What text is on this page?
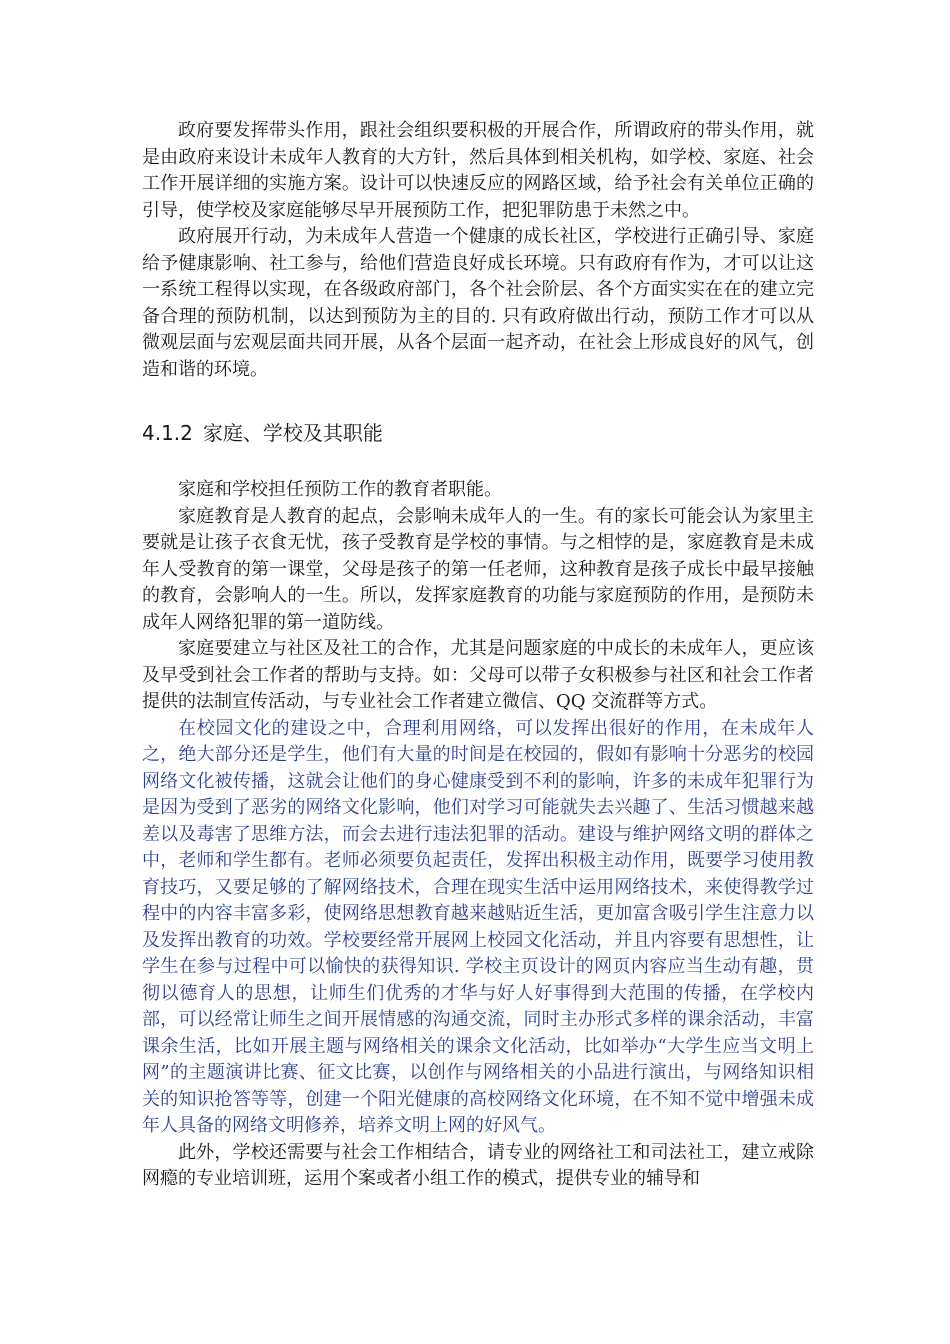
政府要发挥带头作用，跟社会组织要积极的开展合作，所谓政府的带头作用，就是由政府来设计未成年人教育的大方针，然后具体到相关机构，如学校、家庭、社会工作开展详细的实施方案。设计可以快速反应的网路区域，给予社会有关单位正确的引导，使学校及家庭能够尽早开展预防工作，把犯罪防患于未然之中。

政府展开行动，为未成年人营造一个健康的成长社区，学校进行正确引导、家庭给予健康影响、社工参与，给他们营造良好成长环境。只有政府有作为，才可以让这一系统工程得以实现，在各级政府部门，各个社会阶层、各个方面实实在在的建立完备合理的预防机制，以达到预防为主的目的. 只有政府做出行动，预防工作才可以从微观层面与宏观层面共同开展，从各个层面一起齐动，在社会上形成良好的风气，创造和谐的环境。

4.1.2 家庭、学校及其职能

家庭和学校担任预防工作的教育者职能。

家庭教育是人教育的起点，会影响未成年人的一生。有的家长可能会认为家里主要就是让孩子衣食无忧，孩子受教育是学校的事情。与之相悖的是，家庭教育是未成年人受教育的第一课堂，父母是孩子的第一任老师，这种教育是孩子成长中最早接触的教育，会影响人的一生。所以，发挥家庭教育的功能与家庭预防的作用，是预防未成年人网络犯罪的第一道防线。

家庭要建立与社区及社工的合作，尤其是问题家庭的中成长的未成年人，更应该及早受到社会工作者的帮助与支持。如：父母可以带子女积极参与社区和社会工作者提供的法制宣传活动，与专业社会工作者建立微信、QQ 交流群等方式。

在校园文化的建设之中，合理利用网络，可以发挥出很好的作用，在未成年人之，绝大部分还是学生，他们有大量的时间是在校园的，假如有影响十分恶劣的校园网络文化被传播，这就会让他们的身心健康受到不利的影响，许多的未成年犯罪行为是因为受到了恶劣的网络文化影响，他们对学习可能就失去兴趣了、生活习惯越来越差以及毒害了思维方法，而会去进行违法犯罪的活动。建设与维护网络文明的群体之中，老师和学生都有。老师必须要负起责任，发挥出积极主动作用，既要学习使用教育技巧，又要足够的了解网络技术，合理在现实生活中运用网络技术，来使得教学过程中的内容丰富多彩，使网络思想教育越来越贴近生活，更加富含吸引学生注意力以及发挥出教育的功效。学校要经常开展网上校园文化活动，并且内容要有思想性，让学生在参与过程中可以愉快的获得知识. 学校主页设计的网页内容应当生动有趣，贯彻以德育人的思想，让师生们优秀的才华与好人好事得到大范围的传播，在学校内部，可以经常让师生之间开展情感的沟通交流，同时主办形式多样的课余活动，丰富课余生活，比如开展主题与网络相关的课余文化活动，比如举办“大学生应当文明上网”的主题演讲比赛、征文比赛，以创作与网络相关的小品进行演出，与网络知识相关的知识抢答等等，创建一个阳光健康的高校网络文化环境，在不知不觉中增强未成年人具备的网络文明修养，培养文明上网的好风气。

此外，学校还需要与社会工作相结合，请专业的网络社工和司法社工，建立戒除网瘾的专业培训班，运用个案或者小组工作的模式，提供专业的辅导和
